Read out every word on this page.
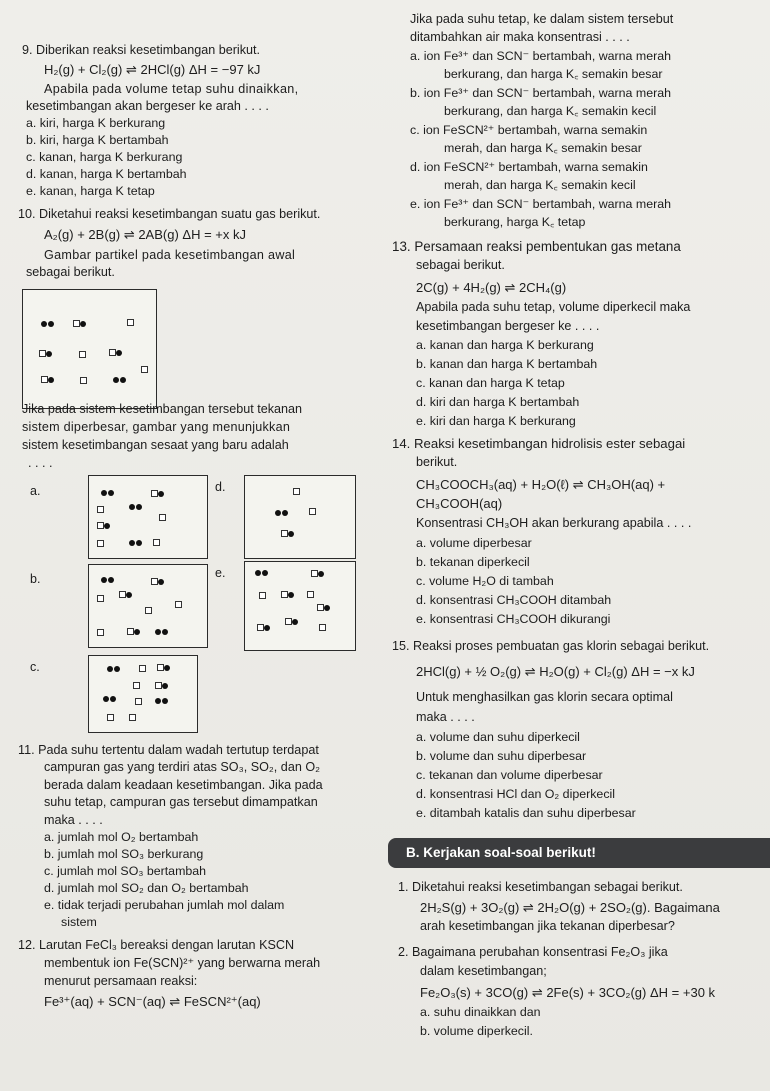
9. Diberikan reaksi kesetimbangan berikut.
H₂(g) + Cl₂(g) ⇌ 2HCl(g) ΔH = −97 kJ
Apabila pada volume tetap suhu dinaikkan,
kesetimbangan akan bergeser ke arah . . . .
a. kiri, harga K berkurang
b. kiri, harga K bertambah
c. kanan, harga K berkurang
d. kanan, harga K bertambah
e. kanan, harga K tetap
10. Diketahui reaksi kesetimbangan suatu gas berikut.
A₂(g) + 2B(g) ⇌ 2AB(g) ΔH = +x kJ
Gambar partikel pada kesetimbangan awal
sebagai berikut.
Jika pada sistem kesetimbangan tersebut tekanan
sistem diperbesar, gambar yang menunjukkan
sistem kesetimbangan sesaat yang baru adalah
. . . .
a.	d.
b.	e.
c.
11. Pada suhu tertentu dalam wadah tertutup terdapat
campuran gas yang terdiri atas SO₃, SO₂, dan O₂
berada dalam keadaan kesetimbangan. Jika pada
suhu tetap, campuran gas tersebut dimampatkan
maka . . . .
a. jumlah mol O₂ bertambah
b. jumlah mol SO₃ berkurang
c. jumlah mol SO₃ bertambah
d. jumlah mol SO₂ dan O₂ bertambah
e. tidak terjadi perubahan jumlah mol dalam
sistem
12. Larutan FeCl₃ bereaksi dengan larutan KSCN
membentuk ion Fe(SCN)²⁺ yang berwarna merah
menurut persamaan reaksi:
Fe³⁺(aq) + SCN⁻(aq) ⇌ FeSCN²⁺(aq)
Jika pada suhu tetap, ke dalam sistem tersebut
ditambahkan air maka konsentrasi . . . .
a. ion Fe³⁺ dan SCN⁻ bertambah, warna merah
berkurang, dan harga K꜀ semakin besar
b. ion Fe³⁺ dan SCN⁻ bertambah, warna merah
berkurang, dan harga K꜀ semakin kecil
c. ion FeSCN²⁺ bertambah, warna semakin
merah, dan harga K꜀ semakin besar
d. ion FeSCN²⁺ bertambah, warna semakin
merah, dan harga K꜀ semakin kecil
e. ion Fe³⁺ dan SCN⁻ bertambah, warna merah
berkurang, harga K꜀ tetap
13. Persamaan reaksi pembentukan gas metana
sebagai berikut.
2C(g) + 4H₂(g) ⇌ 2CH₄(g)
Apabila pada suhu tetap, volume diperkecil maka
kesetimbangan bergeser ke . . . .
a. kanan dan harga K berkurang
b. kanan dan harga K bertambah
c. kanan dan harga K tetap
d. kiri dan harga K bertambah
e. kiri dan harga K berkurang
14. Reaksi kesetimbangan hidrolisis ester sebagai
berikut.
CH₃COOCH₃(aq) + H₂O(ℓ) ⇌ CH₃OH(aq) +
CH₃COOH(aq)
Konsentrasi CH₃OH akan berkurang apabila . . . .
a. volume diperbesar
b. tekanan diperkecil
c. volume H₂O di tambah
d. konsentrasi CH₃COOH ditambah
e. konsentrasi CH₃COOH dikurangi
15. Reaksi proses pembuatan gas klorin sebagai berikut.
2HCl(g) + ½ O₂(g) ⇌ H₂O(g) + Cl₂(g) ΔH = −x kJ
Untuk menghasilkan gas klorin secara optimal
maka . . . .
a. volume dan suhu diperkecil
b. volume dan suhu diperbesar
c. tekanan dan volume diperbesar
d. konsentrasi HCl dan O₂ diperkecil
e. ditambah katalis dan suhu diperbesar
B. Kerjakan soal-soal berikut!
1. Diketahui reaksi kesetimbangan sebagai berikut.
2H₂S(g) + 3O₂(g) ⇌ 2H₂O(g) + 2SO₂(g). Bagaimana
arah kesetimbangan jika tekanan diperbesar?
2. Bagaimana perubahan konsentrasi Fe₂O₃ jika
dalam kesetimbangan;
Fe₂O₃(s) + 3CO(g) ⇌ 2Fe(s) + 3CO₂(g) ΔH = +30 k
a. suhu dinaikkan dan
b. volume diperkecil.
